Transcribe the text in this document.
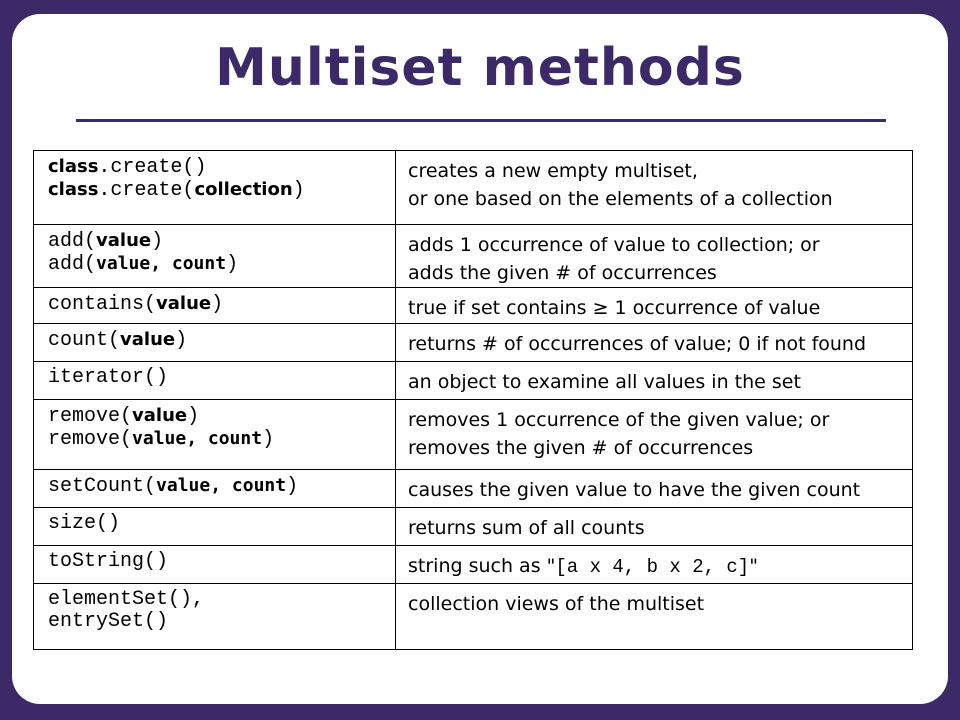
Multiset methods
class.create()
class.create(collection)	creates a new empty multiset,
or one based on the elements of a collection

add(value)
add(value, count)	adds 1 occurrence of value to collection; or
adds the given # of occurrences

contains(value)	true if set contains ≥ 1 occurrence of value

count(value)	returns # of occurrences of value; 0 if not found

iterator()	an object to examine all values in the set

remove(value)
remove(value, count)	removes 1 occurrence of the given value; or
removes the given # of occurrences

setCount(value, count)	causes the given value to have the given count

size()	returns sum of all counts

toString()	string such as "[a x 4, b x 2, c]"

elementSet(),
entrySet()	collection views of the multiset
7
